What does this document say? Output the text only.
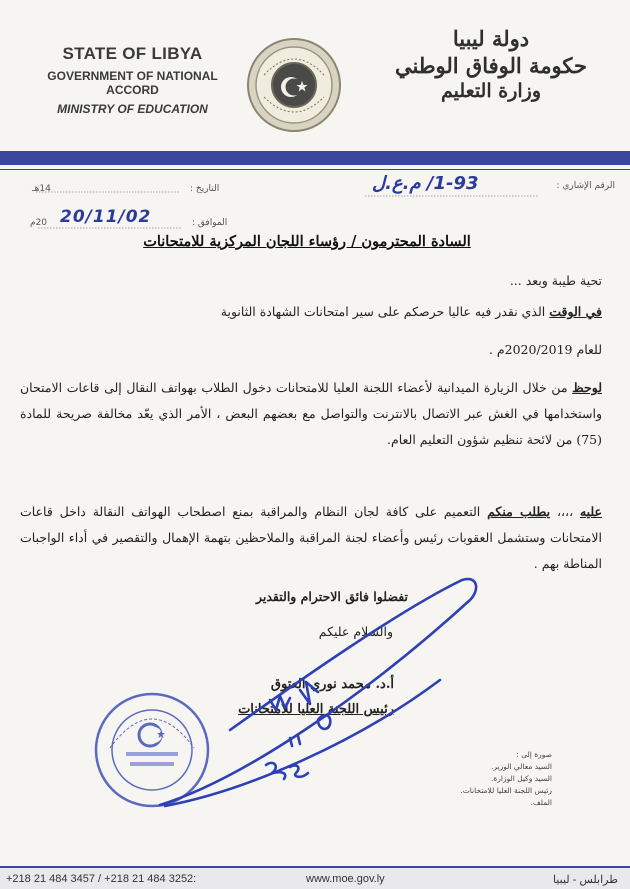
STATE OF LIBYA
GOVERNMENT OF NATIONAL ACCORD
MINISTRY OF EDUCATION
دولة ليبيا
حكومة الوفاق الوطني
وزارة التعليم
الرقم الإشاري :
1-93/ م.ع.ل
التاريخ :
14هـ
الموافق :
20/11/02
20م
السادة المحترمون / رؤساء اللجان المركزية للامتحانات
تحية طيبة وبعد ...
في الوقت الذي نقدر فيه عاليا حرصكم على سير امتحانات الشهادة الثانوية
للعام 2020/2019م .
لوحظ من خلال الزيارة الميدانية لأعضاء اللجنة العليا للامتحانات دخول الطلاب بهواتف النقال إلى قاعات الامتحان واستخدامها في الغش عبر الاتصال بالانترنت والتواصل مع بعضهم البعض ، الأمر الذي يعّد مخالفة صريحة للمادة (75) من لائحة تنظيم شؤون التعليم العام.
عليه ،،،، يطلب منكم التعميم على كافة لجان النظام والمراقبة بمنع اصطحاب الهواتف النقالة داخل قاعات الامتحانات وستشمل العقوبات رئيس وأعضاء لجنة المراقبة والملاحظين بتهمة الإهمال والتقصير في أداء الواجبات المناطة بهم .
تفضلوا فائق الاحترام والتقدير
والسلام عليكم
أ.د. محمد نوري العتوق
رئيس اللجنة العليا للامتحانات
صورة إلى :
السيد معالي الوزير.
السيد وكيل الوزارة.
رئيس اللجنة العليا للامتحانات.
الملف.
+218 21 484 3457 / +218 21 484 3252:	www.moe.gov.ly	طرابلس - ليبيا
